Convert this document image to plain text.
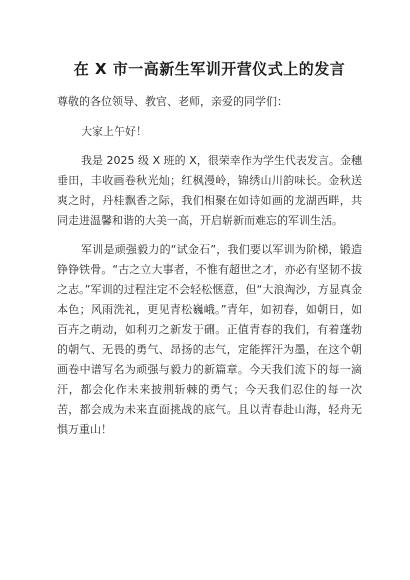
在 X 市一高新生军训开营仪式上的发言

尊敬的各位领导、教官、老师，亲爱的同学们：

大家上午好！

我是 2025 级 X 班的 X，很荣幸作为学生代表发言。金穗垂田，丰收画卷秋光灿；红枫漫岭，锦绣山川韵味长。金秋送爽之时，丹桂飘香之际，我们相聚在如诗如画的龙湖西畔，共同走进温馨和谐的大美一高，开启崭新而难忘的军训生活。

军训是顽强毅力的“试金石”，我们要以军训为阶梯，锻造铮铮铁骨。“古之立大事者，不惟有超世之才，亦必有坚韧不拔之志。”军训的过程注定不会轻松惬意，但“大浪淘沙，方显真金本色；风雨洗礼，更见青松巍峨。”青年，如初春，如朝日，如百卉之萌动，如利刃之新发于硎。正值青春的我们，有着蓬勃的朝气、无畏的勇气、昂扬的志气，定能挥汗为墨，在这个朝画卷中谱写名为顽强与毅力的新篇章。今天我们流下的每一滴汗，都会化作未来披荆斩棘的勇气；今天我们忍住的每一次苦，都会成为未来直面挑战的底气。且以青春赴山海，轻舟无惧万重山！
